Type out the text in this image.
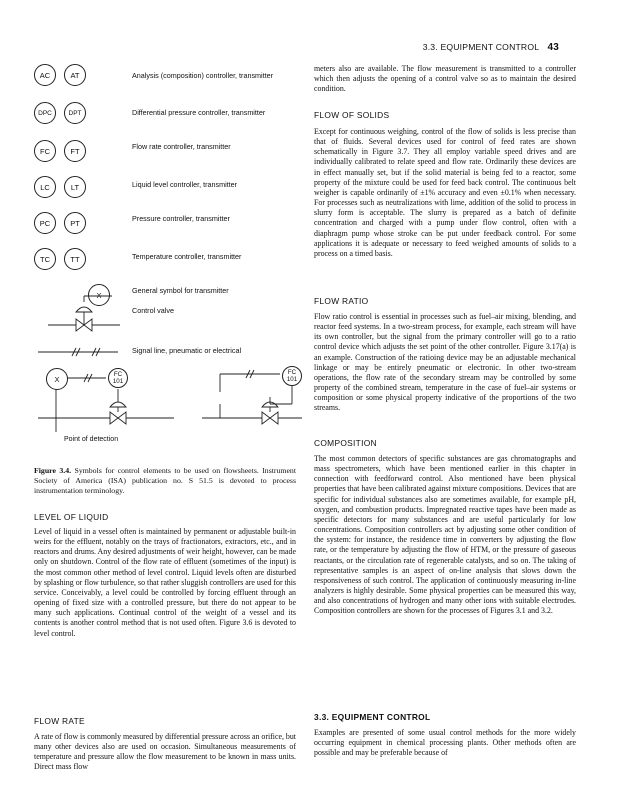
3.3. EQUIPMENT CONTROL 43
AC	AT	Analysis (composition) controller, transmitter
DPC	DPT	Differential pressure controller, transmitter
FC	FT	Flow rate controller, transmitter
LC	LT	Liquid level controller, transmitter
PC	PT	Pressure controller, transmitter
TC	TT	Temperature controller, transmitter
X	General symbol for transmitter
Control valve
Signal line, pneumatic or electrical
X	FC
101
FC
101
Point of detection
Figure 3.4. Symbols for control elements to be used on flowsheets. Instrument Society of America (ISA) publication no. S 51.5 is devoted to process instrumentation terminology.
LEVEL OF LIQUID

Level of liquid in a vessel often is maintained by permanent or adjustable built-in weirs for the effluent, notably on the trays of fractionators, extractors, etc., and in reactors and drums. Any desired adjustments of weir height, however, can be made only on shutdown. Control of the flow rate of effluent (sometimes of the input) is the most common other method of level control. Liquid levels often are disturbed by splashing or flow turbulence, so that rather sluggish controllers are used for this service. Conceivably, a level could be controlled by forcing effluent through an opening of fixed size with a controlled pressure, but there do not appear to be many such applications. Continual control of the weight of a vessel and its contents is another control method that is not used often. Figure 3.6 is devoted to level control.

FLOW RATE

A rate of flow is commonly measured by differential pressure across an orifice, but many other devices also are used on occasion. Simultaneous measurements of temperature and pressure allow the flow measurement to be known in mass units. Direct mass flow

meters also are available. The flow measurement is transmitted to a controller which then adjusts the opening of a control valve so as to maintain the desired condition.

FLOW OF SOLIDS

Except for continuous weighing, control of the flow of solids is less precise than that of fluids. Several devices used for control of feed rates are shown schematically in Figure 3.7. They all employ variable speed drives and are individually calibrated to relate speed and flow rate. Ordinarily these devices are in effect manually set, but if the solid material is being fed to a reactor, some property of the mixture could be used for feed back control. The continuous belt weigher is capable ordinarily of ±1% accuracy and even ±0.1% when necessary. For processes such as neutralizations with lime, addition of the solid to process in slurry form is acceptable. The slurry is prepared as a batch of definite concentration and charged with a pump under flow control, often with a diaphragm pump whose stroke can be put under feedback control. For some applications it is adequate or necessary to feed weighed amounts of solids to a process on a timed basis.

FLOW RATIO

Flow ratio control is essential in processes such as fuel–air mixing, blending, and reactor feed systems. In a two-stream process, for example, each stream will have its own controller, but the signal from the primary controller will go to a ratio control device which adjusts the set point of the other controller. Figure 3.17(a) is an example. Construction of the ratioing device may be an adjustable mechanical linkage or may be entirely pneumatic or electronic. In other two-stream operations, the flow rate of the secondary stream may be controlled by some property of the combined stream, temperature in the case of fuel–air systems or composition or some physical property indicative of the proportions of the two streams.

COMPOSITION

The most common detectors of specific substances are gas chromatographs and mass spectrometers, which have been mentioned earlier in this chapter in connection with feedforward control. Also mentioned have been physical properties that have been calibrated against mixture compositions. Devices that are specific for individual substances also are sometimes available, for example pH, oxygen, and combustion products. Impregnated reactive tapes have been made as specific detectors for many substances and are useful particularly for low concentrations. Composition controllers act by adjusting some other condition of the system: for instance, the residence time in converters by adjusting the flow rate, or the temperature by adjusting the flow of HTM, or the pressure of gaseous reactants, or the circulation rate of regenerable catalysts, and so on. The taking of representative samples is an aspect of on-line analysis that slows down the responsiveness of such control. The application of continuously measuring in-line analyzers is highly desirable. Some physical properties can be measured this way, and also concentrations of hydrogen and many other ions with suitable electrodes. Composition controllers are shown for the processes of Figures 3.1 and 3.2.

3.3. EQUIPMENT CONTROL

Examples are presented of some usual control methods for the more widely occurring equipment in chemical processing plants. Other methods often are possible and may be preferable because of
